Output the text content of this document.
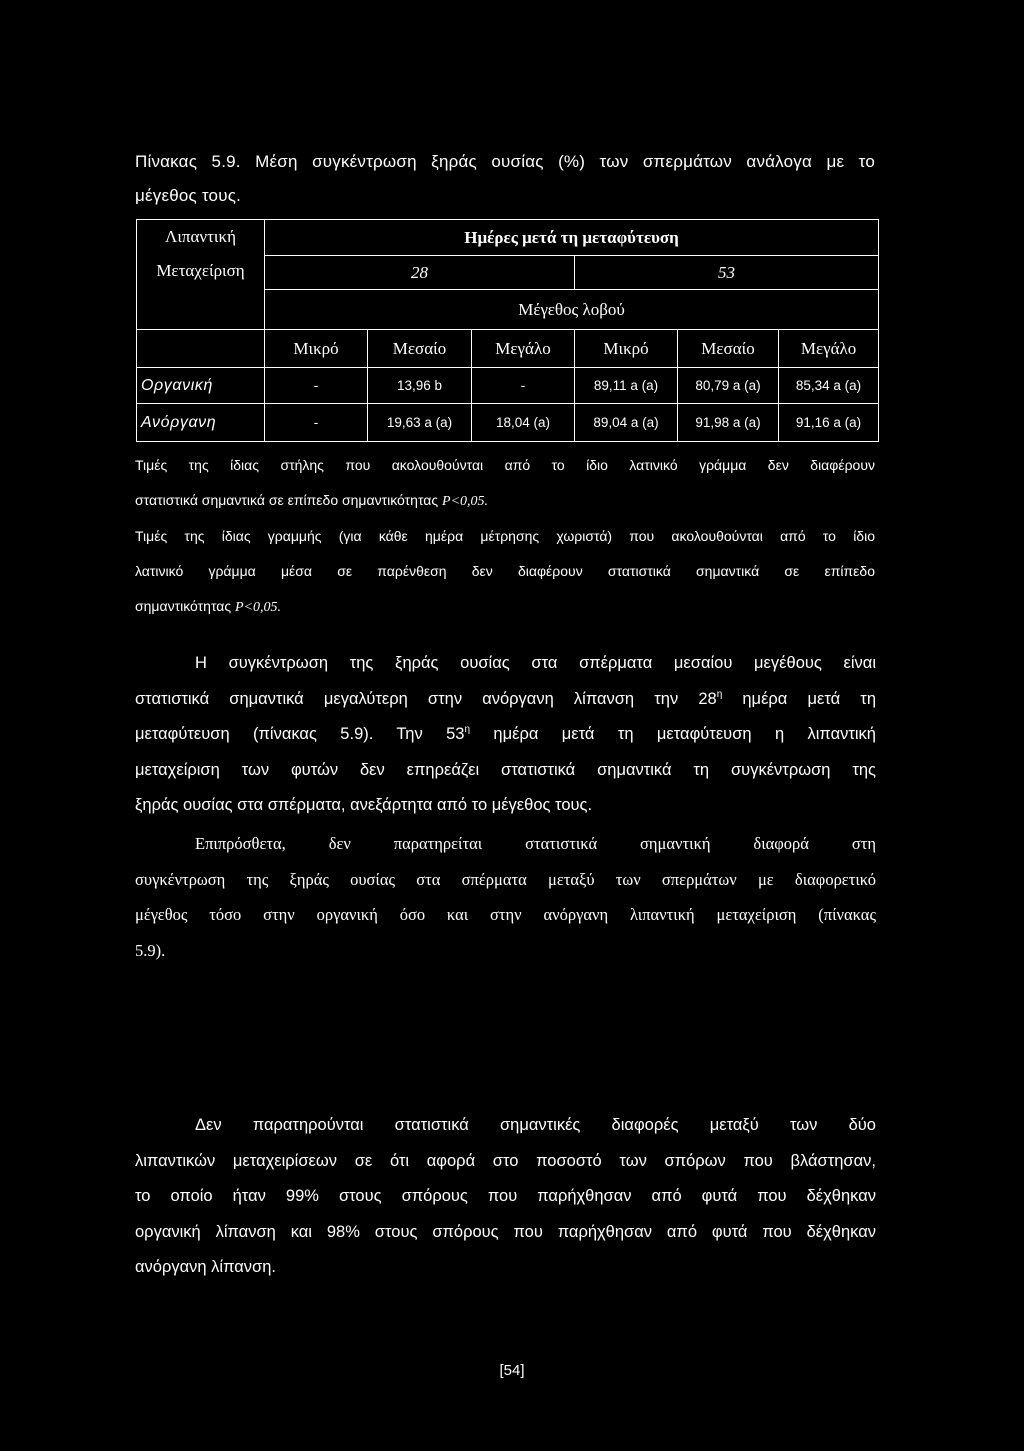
Πίνακας 5.9. Μέση συγκέντρωση ξηράς ουσίας (%) των σπερμάτων ανάλογα με το
μέγεθος τους.
Λιπαντική
Μεταχείριση	Ημέρες μετά τη μεταφύτευση					
	28			53		
	Μέγεθος λοβού					
	Μικρό	Μεσαίο	Μεγάλο	Μικρό	Μεσαίο	Μεγάλο
Οργανική	-	13,96 b	-	89,11 a (a)	80,79 a (a)	85,34 a (a)
Ανόργανη	-	19,63 a (a)	18,04 (a)	89,04 a (a)	91,98 a (a)	91,16 a (a)

Τιμές της ίδιας στήλης που ακολουθούνται από το ίδιο λατινικό γράμμα δεν διαφέρουν
στατιστικά σημαντικά σε επίπεδο σημαντικότητας P<0,05.

Τιμές της ίδιας γραμμής (για κάθε ημέρα μέτρησης χωριστά) που ακολουθούνται από το ίδιο
λατινικό γράμμα μέσα σε παρένθεση δεν διαφέρουν στατιστικά σημαντικά σε επίπεδο
σημαντικότητας P<0,05.

Η συγκέντρωση της ξηράς ουσίας στα σπέρματα μεσαίου μεγέθους είναι
στατιστικά σημαντικά μεγαλύτερη στην ανόργανη λίπανση την $28^\eta$ ημέρα μετά τη
μεταφύτευση (πίνακας 5.9). Την $53^\eta$ ημέρα μετά τη μεταφύτευση η λιπαντική
μεταχείριση των φυτών δεν επηρεάζει στατιστικά σημαντικά τη συγκέντρωση της
ξηράς ουσίας στα σπέρματα, ανεξάρτητα από το μέγεθος τους.
Επιπρόσθετα, δεν παρατηρείται στατιστικά σημαντική διαφορά στη
συγκέντρωση της ξηράς ουσίας στα σπέρματα μεταξύ των σπερμάτων με διαφορετικό
μέγεθος τόσο στην οργανική όσο και στην ανόργανη λιπαντική μεταχείριση (πίνακας
5.9).
Δεν παρατηρούνται στατιστικά σημαντικές διαφορές μεταξύ των δύο
λιπαντικών μεταχειρίσεων σε ότι αφορά στο ποσοστό των σπόρων που βλάστησαν,
το οποίο ήταν 99% στους σπόρους που παρήχθησαν από φυτά που δέχθηκαν
οργανική λίπανση και 98% στους σπόρους που παρήχθησαν από φυτά που δέχθηκαν
ανόργανη λίπανση.
[54]
